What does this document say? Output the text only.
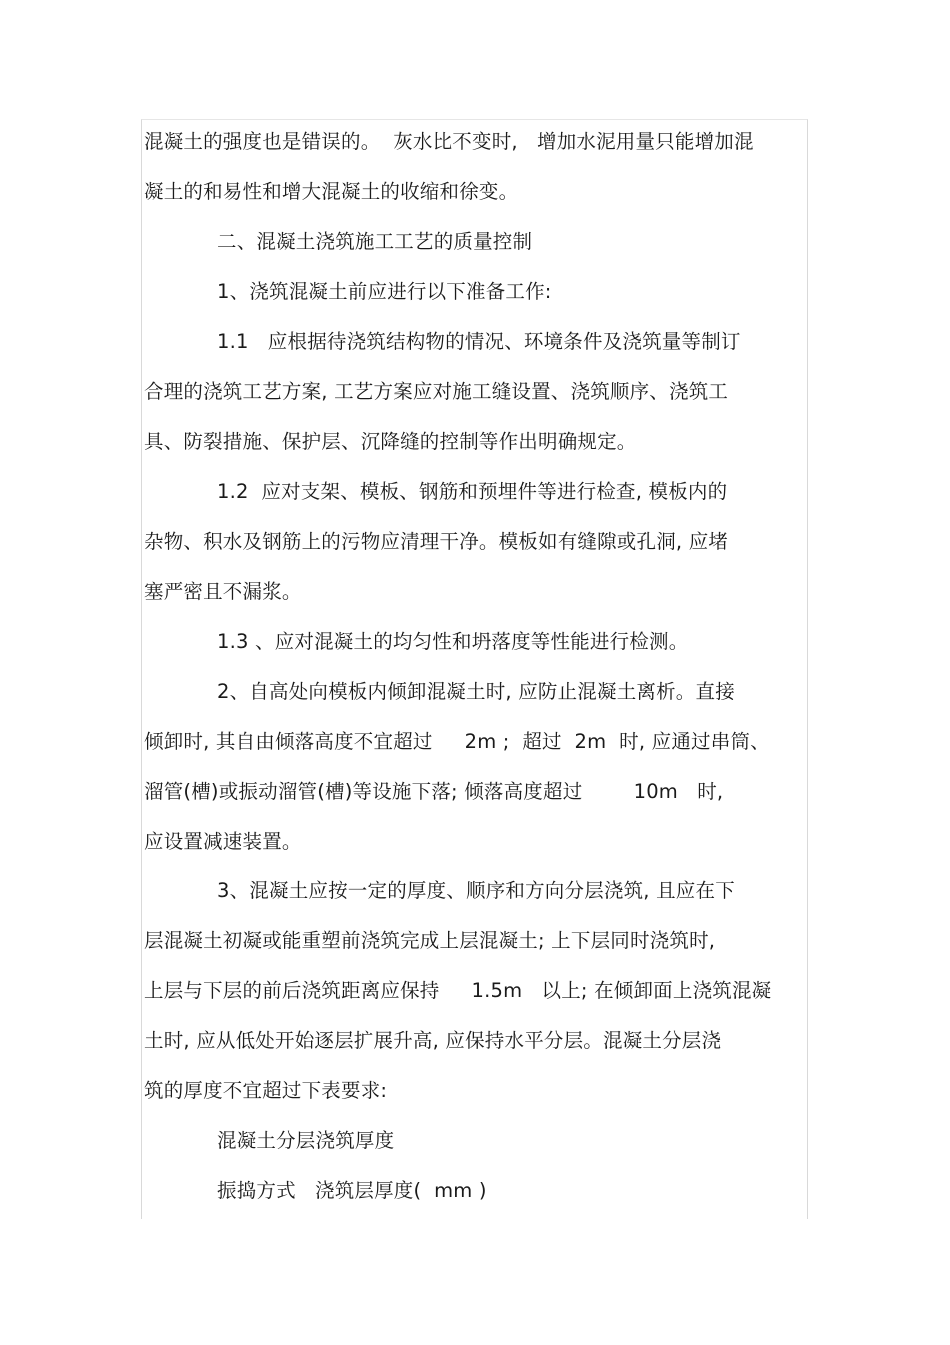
混凝土的强度也是错误的。  灰水比不变时,   增加水泥用量只能增加混
凝土的和易性和增大混凝土的收缩和徐变。
二、混凝土浇筑施工工艺的质量控制
1、浇筑混凝土前应进行以下准备工作:
1.1   应根据待浇筑结构物的情况、环境条件及浇筑量等制订
合理的浇筑工艺方案, 工艺方案应对施工缝设置、浇筑顺序、浇筑工
具、防裂措施、保护层、沉降缝的控制等作出明确规定。
1.2  应对支架、模板、钢筋和预埋件等进行检查, 模板内的
杂物、积水及钢筋上的污物应清理干净。模板如有缝隙或孔洞, 应堵
塞严密且不漏浆。
1.3 、应对混凝土的均匀性和坍落度等性能进行检测。
2、自高处向模板内倾卸混凝土时, 应防止混凝土离析。直接
倾卸时, 其自由倾落高度不宜超过     2m ;  超过  2m  时, 应通过串筒、
溜管(槽)或振动溜管(槽)等设施下落; 倾落高度超过        10m   时,
应设置减速装置。
3、混凝土应按一定的厚度、顺序和方向分层浇筑, 且应在下
层混凝土初凝或能重塑前浇筑完成上层混凝土; 上下层同时浇筑时,
上层与下层的前后浇筑距离应保持     1.5m   以上; 在倾卸面上浇筑混凝
土时, 应从低处开始逐层扩展升高, 应保持水平分层。混凝土分层浇
筑的厚度不宜超过下表要求:
混凝土分层浇筑厚度
振捣方式   浇筑层厚度(  mm )
